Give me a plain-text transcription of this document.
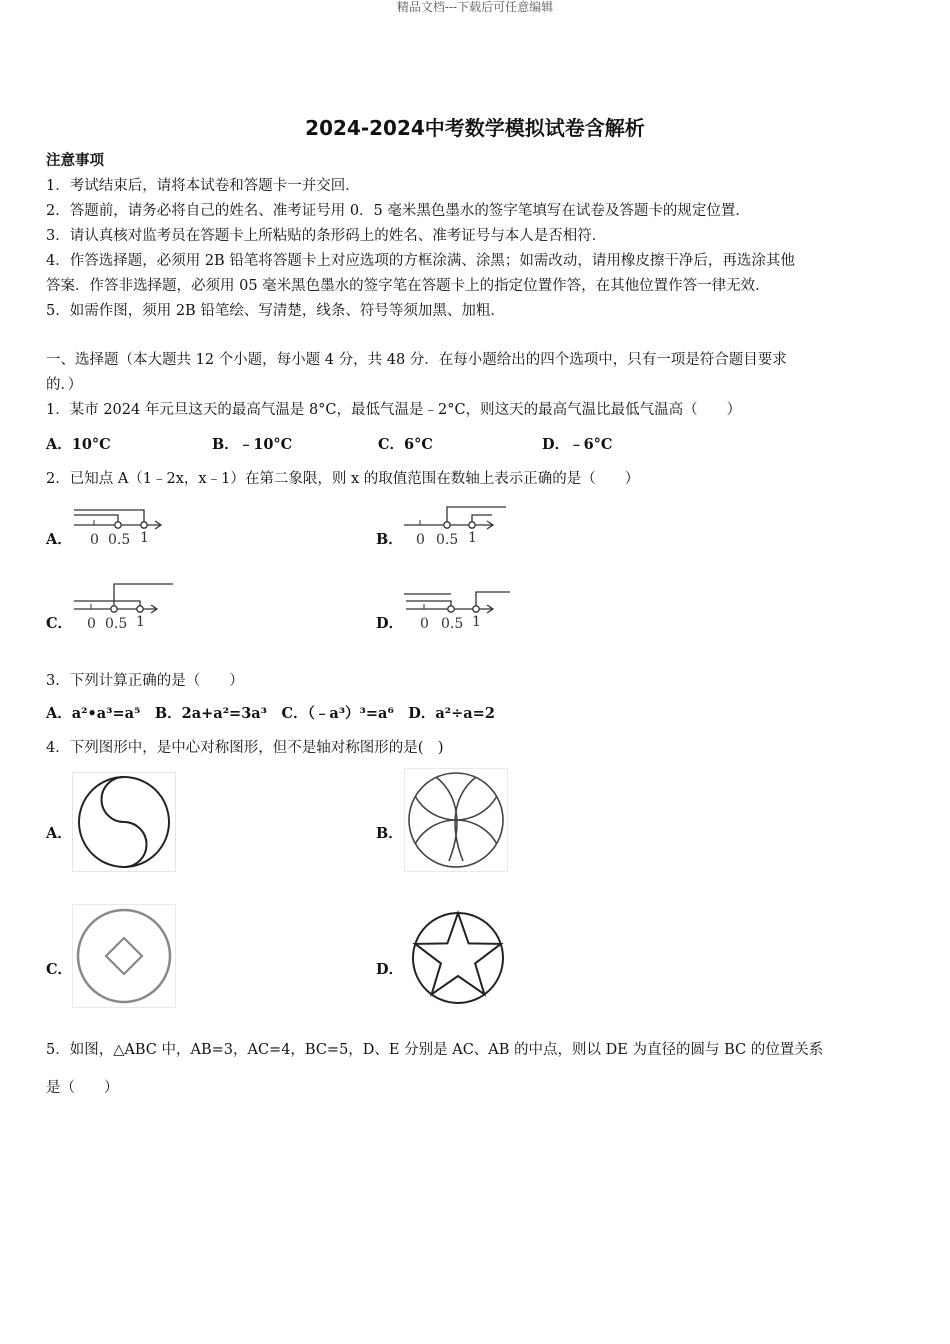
精品文档---下载后可任意编辑
2024-2024中考数学模拟试卷含解析
注意事项
1．考试结束后，请将本试卷和答题卡一并交回．
2．答题前，请务必将自己的姓名、准考证号用 0．5 毫米黑色墨水的签字笔填写在试卷及答题卡的规定位置．
3．请认真核对监考员在答题卡上所粘贴的条形码上的姓名、准考证号与本人是否相符．
4．作答选择题，必须用 2B 铅笔将答题卡上对应选项的方框涂满、涂黑；如需改动，请用橡皮擦干净后，再选涂其他
答案．作答非选择题，必须用 05 毫米黑色墨水的签字笔在答题卡上的指定位置作答，在其他位置作答一律无效．
5．如需作图，须用 2B 铅笔绘、写清楚，线条、符号等须加黑、加粗．
一、选择题（本大题共 12 个小题，每小题 4 分，共 48 分．在每小题给出的四个选项中，只有一项是符合题目要求
的．）
1．某市 2024 年元旦这天的最高气温是 8°C，最低气温是﹣2°C，则这天的最高气温比最低气温高（　　）
A．10°C	B．﹣10°C	C．6°C	D．﹣6°C
2．已知点 A（1﹣2x，x﹣1）在第二象限，则 x 的取值范围在数轴上表示正确的是（　　）
A． 0 0.5 1	B． 0 0.5 1
C． 0 0.5 1	D． 0 0.5 1
3．下列计算正确的是（　　）
A．a²•a³=a⁵　B．2a+a²=3a³　C．（﹣a³）³=a⁶　D．a²÷a=2
4．下列图形中，是中心对称图形，但不是轴对称图形的是(　)
A．	B．
C．	D．
5．如图，△ABC 中，AB=3，AC=4，BC=5，D、E 分别是 AC、AB 的中点，则以 DE 为直径的圆与 BC 的位置关系
是（　　）
